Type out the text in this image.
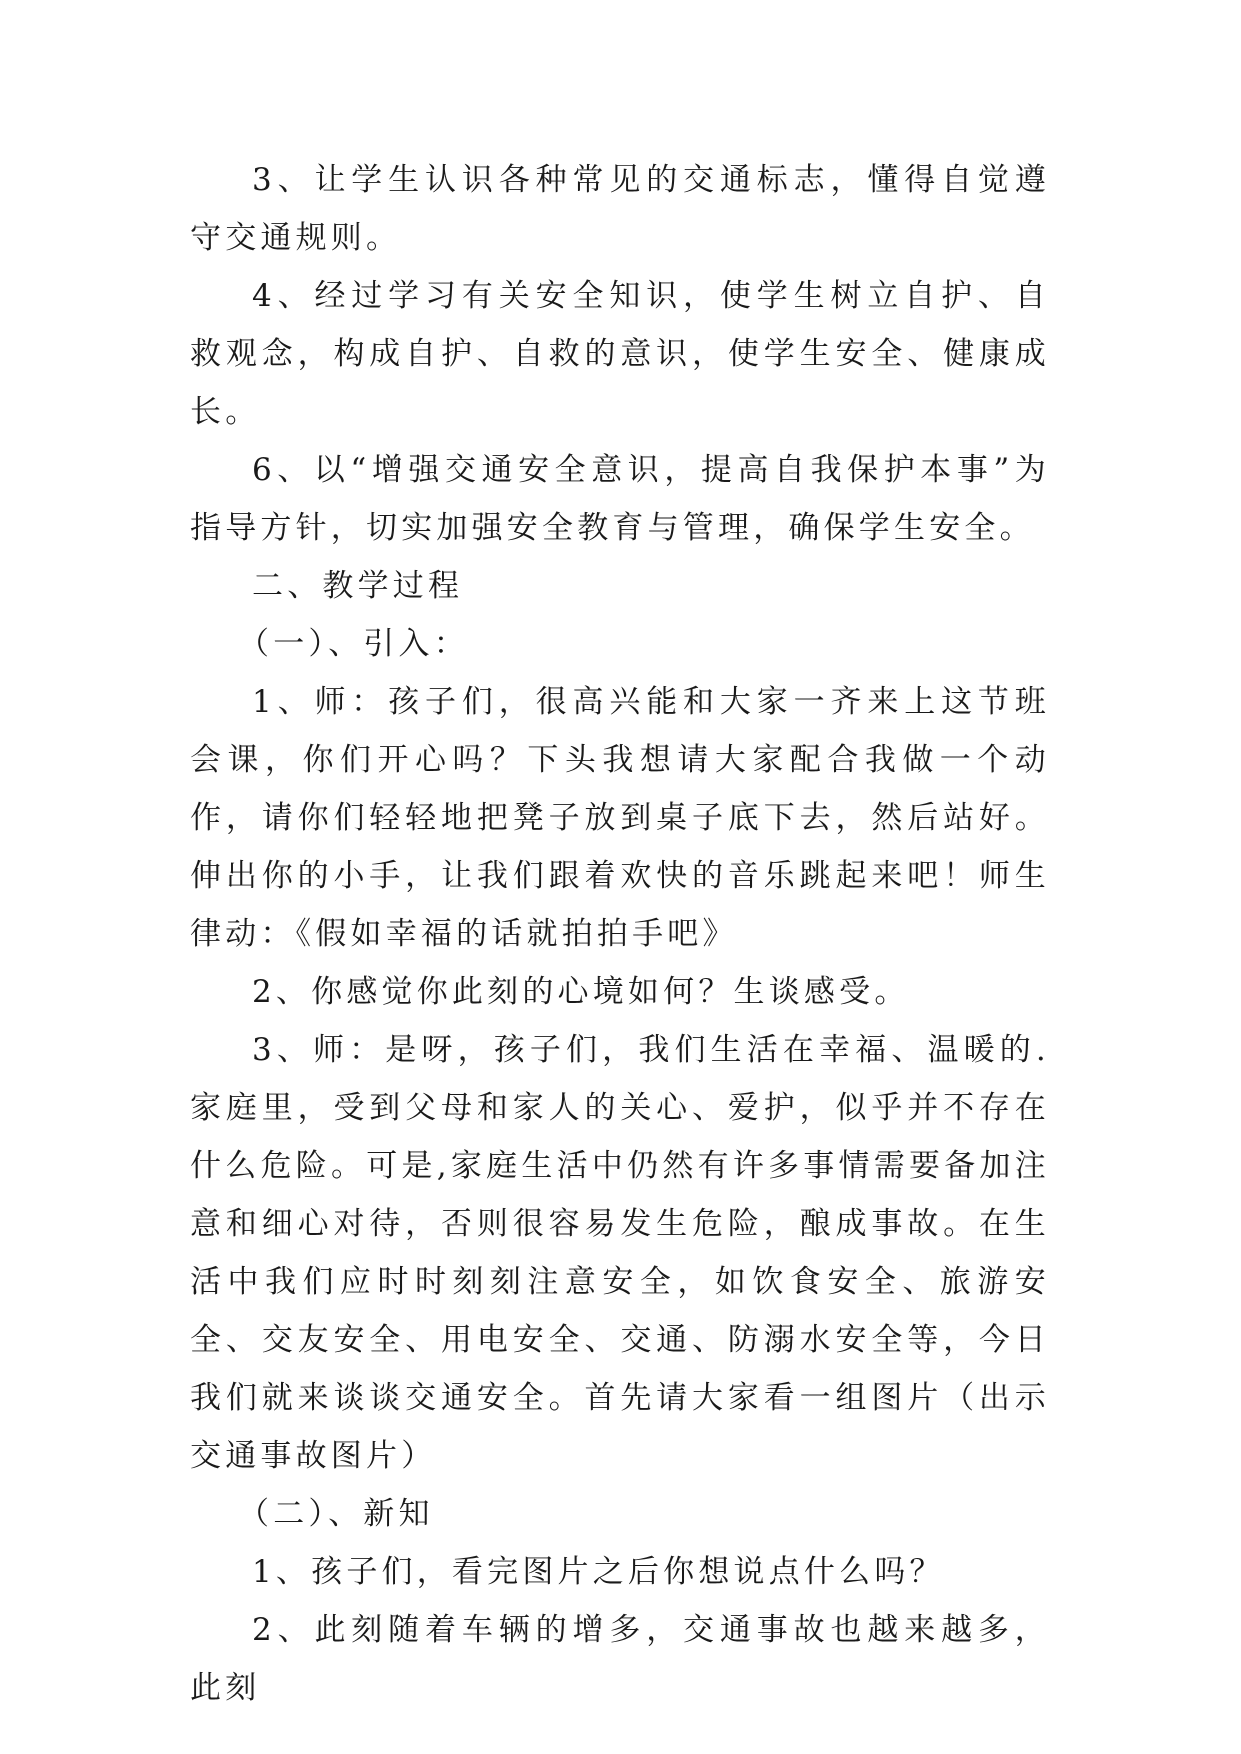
3、让学生认识各种常见的交通标志，懂得自觉遵守交通规则。

4、经过学习有关安全知识，使学生树立自护、自救观念，构成自护、自救的意识，使学生安全、健康成长。

6、以“增强交通安全意识，提高自我保护本事”为指导方针，切实加强安全教育与管理，确保学生安全。

二、教学过程

（一）、引入：

1、师：孩子们，很高兴能和大家一齐来上这节班会课，你们开心吗？下头我想请大家配合我做一个动作，请你们轻轻地把凳子放到桌子底下去，然后站好。伸出你的小手，让我们跟着欢快的音乐跳起来吧！师生律动：《假如幸福的话就拍拍手吧》

2、你感觉你此刻的心境如何？生谈感受。

3、师：是呀，孩子们，我们生活在幸福、温暖的.家庭里，受到父母和家人的关心、爱护，似乎并不存在什么危险。可是,家庭生活中仍然有许多事情需要备加注意和细心对待，否则很容易发生危险，酿成事故。在生活中我们应时时刻刻注意安全，如饮食安全、旅游安全、交友安全、用电安全、交通、防溺水安全等，今日我们就来谈谈交通安全。首先请大家看一组图片（出示交通事故图片）

（二）、新知

1、孩子们，看完图片之后你想说点什么吗？

2、此刻随着车辆的增多，交通事故也越来越多，此刻
